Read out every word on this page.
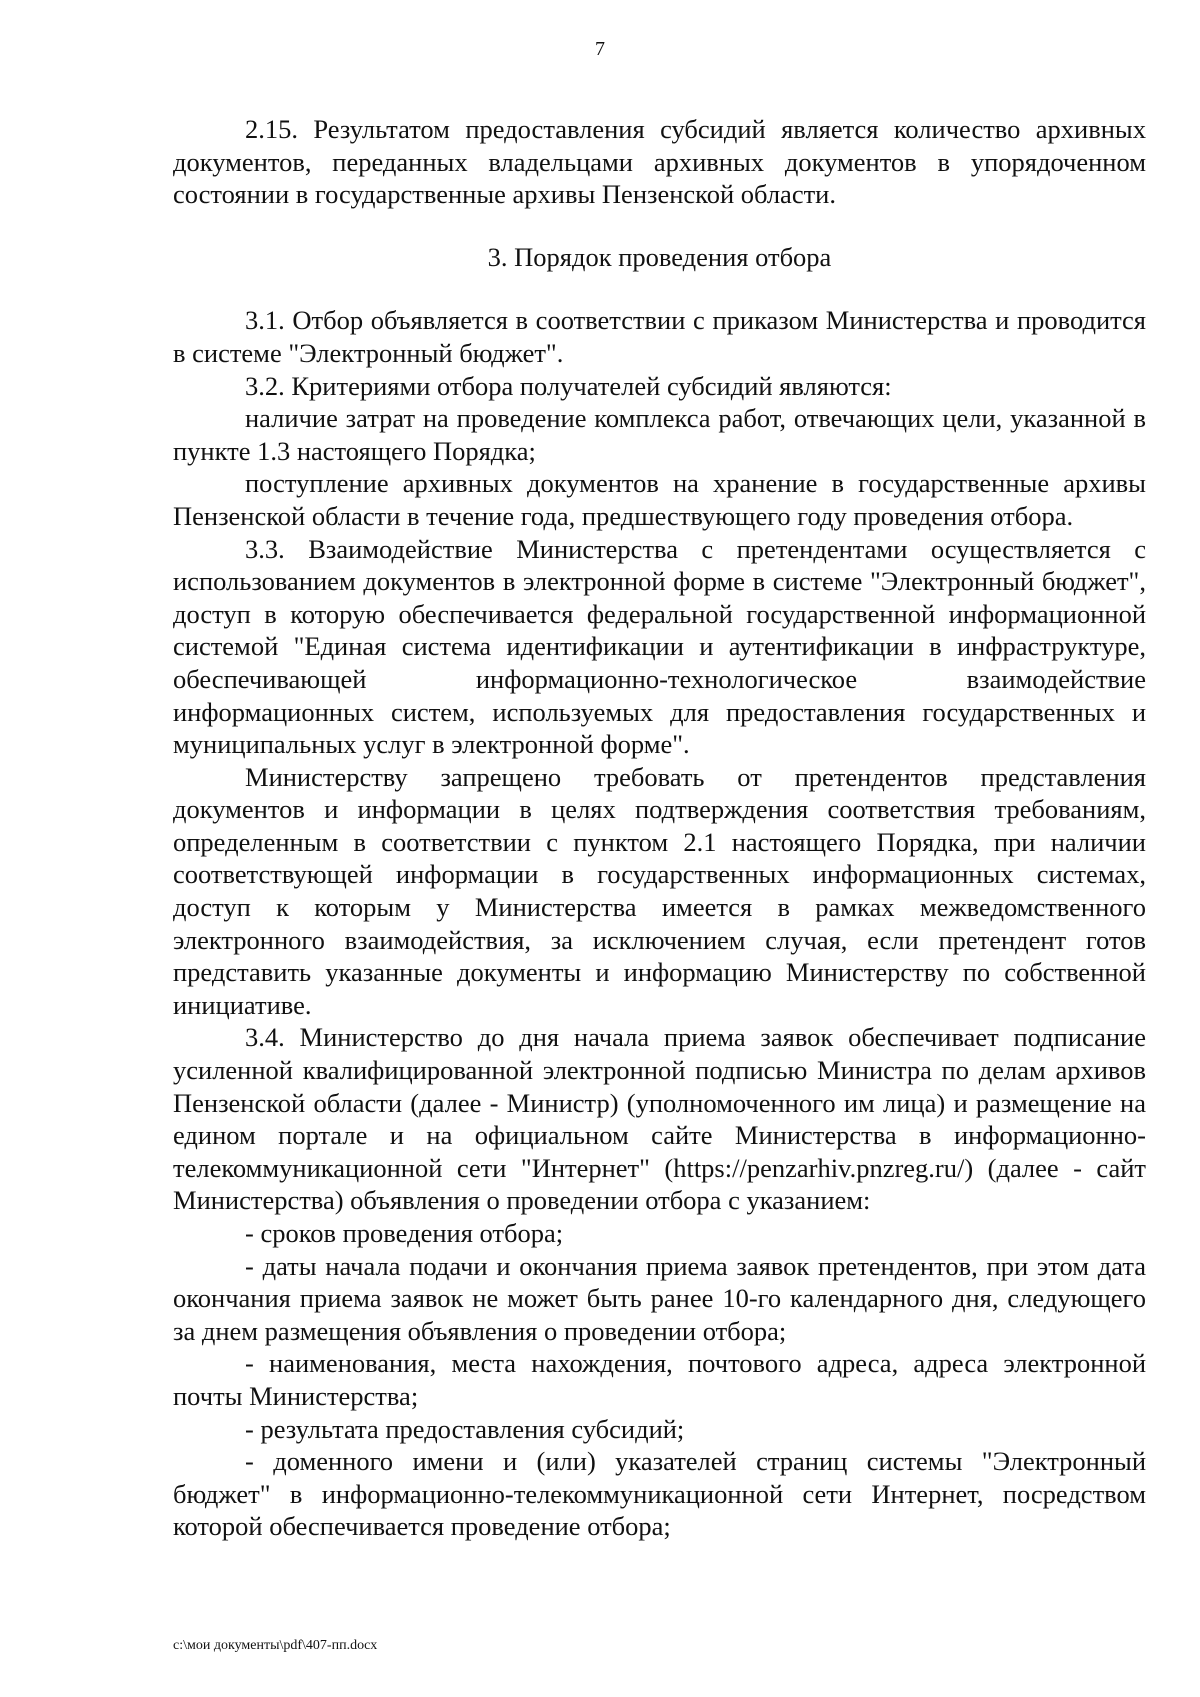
7

2.15. Результатом предоставления субсидий является количество архивных документов, переданных владельцами архивных документов в упорядоченном состоянии в государственные архивы Пензенской области.

3. Порядок проведения отбора

3.1. Отбор объявляется в соответствии с приказом Министерства и проводится в системе "Электронный бюджет".

3.2. Критериями отбора получателей субсидий являются:

наличие затрат на проведение комплекса работ, отвечающих цели, указанной в пункте 1.3 настоящего Порядка;

поступление архивных документов на хранение в государственные архивы Пензенской области в течение года, предшествующего году проведения отбора.

3.3. Взаимодействие Министерства с претендентами осуществляется с использованием документов в электронной форме в системе "Электронный бюджет", доступ в которую обеспечивается федеральной государственной информационной системой "Единая система идентификации и аутентификации в инфраструктуре, обеспечивающей информационно-технологическое взаимодействие информационных систем, используемых для предоставления государственных и муниципальных услуг в электронной форме".

Министерству запрещено требовать от претендентов представления документов и информации в целях подтверждения соответствия требованиям, определенным в соответствии с пунктом 2.1 настоящего Порядка, при наличии соответствующей информации в государственных информационных системах, доступ к которым у Министерства имеется в рамках межведомственного электронного взаимодействия, за исключением случая, если претендент готов представить указанные документы и информацию Министерству по собственной инициативе.

3.4. Министерство до дня начала приема заявок обеспечивает подписание усиленной квалифицированной электронной подписью Министра по делам архивов Пензенской области (далее - Министр) (уполномоченного им лица) и размещение на едином портале и на официальном сайте Министерства в информационно-телекоммуникационной сети "Интернет" (https://penzarhiv.pnzreg.ru/) (далее - сайт Министерства) объявления о проведении отбора с указанием:

- сроков проведения отбора;

- даты начала подачи и окончания приема заявок претендентов, при этом дата окончания приема заявок не может быть ранее 10-го календарного дня, следующего за днем размещения объявления о проведении отбора;

- наименования, места нахождения, почтового адреса, адреса электронной почты Министерства;

- результата предоставления субсидий;

- доменного имени и (или) указателей страниц системы "Электронный бюджет" в информационно-телекоммуникационной сети Интернет, посредством которой обеспечивается проведение отбора;

c:\мои документы\pdf\407-пп.docx
